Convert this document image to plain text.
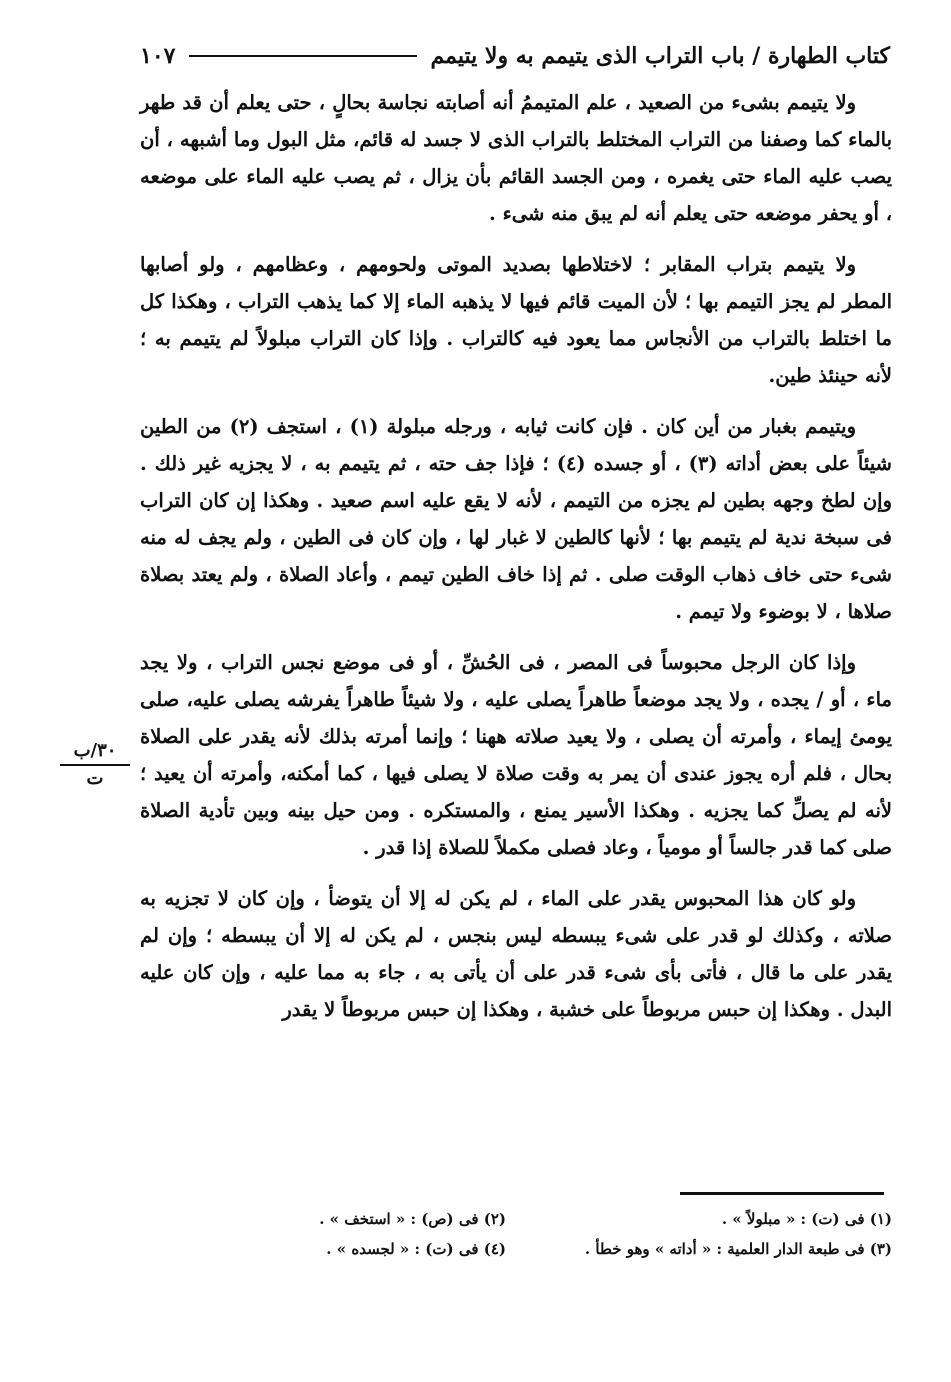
كتاب الطهارة / باب التراب الذى يتيمم به ولا يتيمم
١٠٧

ولا يتيمم بشىء من الصعيد ، علم المتيممُ أنه أصابته نجاسة بحالٍ ، حتى يعلم أن قد طهر بالماء كما وصفنا من التراب المختلط بالتراب الذى لا جسد له قائم، مثل البول وما أشبهه ، أن يصب عليه الماء حتى يغمره ، ومن الجسد القائم بأن يزال ، ثم يصب عليه الماء على موضعه ، أو يحفر موضعه حتى يعلم أنه لم يبق منه شىء .

ولا يتيمم بتراب المقابر ؛ لاختلاطها بصديد الموتى ولحومهم ، وعظامهم ، ولو أصابها المطر لم يجز التيمم بها ؛ لأن الميت قائم فيها لا يذهبه الماء إلا كما يذهب التراب ، وهكذا كل ما اختلط بالتراب من الأنجاس مما يعود فيه كالتراب . وإذا كان التراب مبلولاً لم يتيمم به ؛ لأنه حينئذ طين.

ويتيمم بغبار من أين كان . فإن كانت ثيابه ، ورجله مبلولة (١) ، استجف (٢) من الطين شيئاً على بعض أداته (٣) ، أو جسده (٤) ؛ فإذا جف حته ، ثم يتيمم به ، لا يجزيه غير ذلك . وإن لطخ وجهه بطين لم يجزه من التيمم ، لأنه لا يقع عليه اسم صعيد . وهكذا إن كان التراب فى سبخة ندية لم يتيمم بها ؛ لأنها كالطين لا غبار لها ، وإن كان فى الطين ، ولم يجف له منه شىء حتى خاف ذهاب الوقت صلى . ثم إذا خاف الطين تيمم ، وأعاد الصلاة ، ولم يعتد بصلاة صلاها ، لا بوضوء ولا تيمم .

وإذا كان الرجل محبوساً فى المصر ، فى الحُشِّ ، أو فى موضع نجس التراب ، ولا يجد ماء ، أو / يجده ، ولا يجد موضعاً طاهراً يصلى عليه ، ولا شيئاً طاهراً يفرشه يصلى عليه، صلى يومئ إيماء ، وأمرته أن يصلى ، ولا يعيد صلاته ههنا ؛ وإنما أمرته بذلك لأنه يقدر على الصلاة بحال ، فلم أره يجوز عندى أن يمر به وقت صلاة لا يصلى فيها ، كما أمكنه، وأمرته أن يعيد ؛ لأنه لم يصلِّ كما يجزيه . وهكذا الأسير يمنع ، والمستكره . ومن حيل بينه وبين تأدية الصلاة صلى كما قدر جالساً أو مومياً ، وعاد فصلى مكملاً للصلاة إذا قدر .

ولو كان هذا المحبوس يقدر على الماء ، لم يكن له إلا أن يتوضأ ، وإن كان لا تجزيه به صلاته ، وكذلك لو قدر على شىء يبسطه ليس بنجس ، لم يكن له إلا أن يبسطه ؛ وإن لم يقدر على ما قال ، فأتى بأى شىء قدر على أن يأتى به ، جاء به مما عليه ، وإن كان عليه البدل . وهكذا إن حبس مربوطاً على خشبة ، وهكذا إن حبس مربوطاً لا يقدر

٣٠/ب
ت
(١) فى (ت) : « مبلولاً » .
(٢) فى (ص) : « استخف » .
(٣) فى طبعة الدار العلمية : « أداته » وهو خطأ .
(٤) فى (ت) : « لجسده » .
